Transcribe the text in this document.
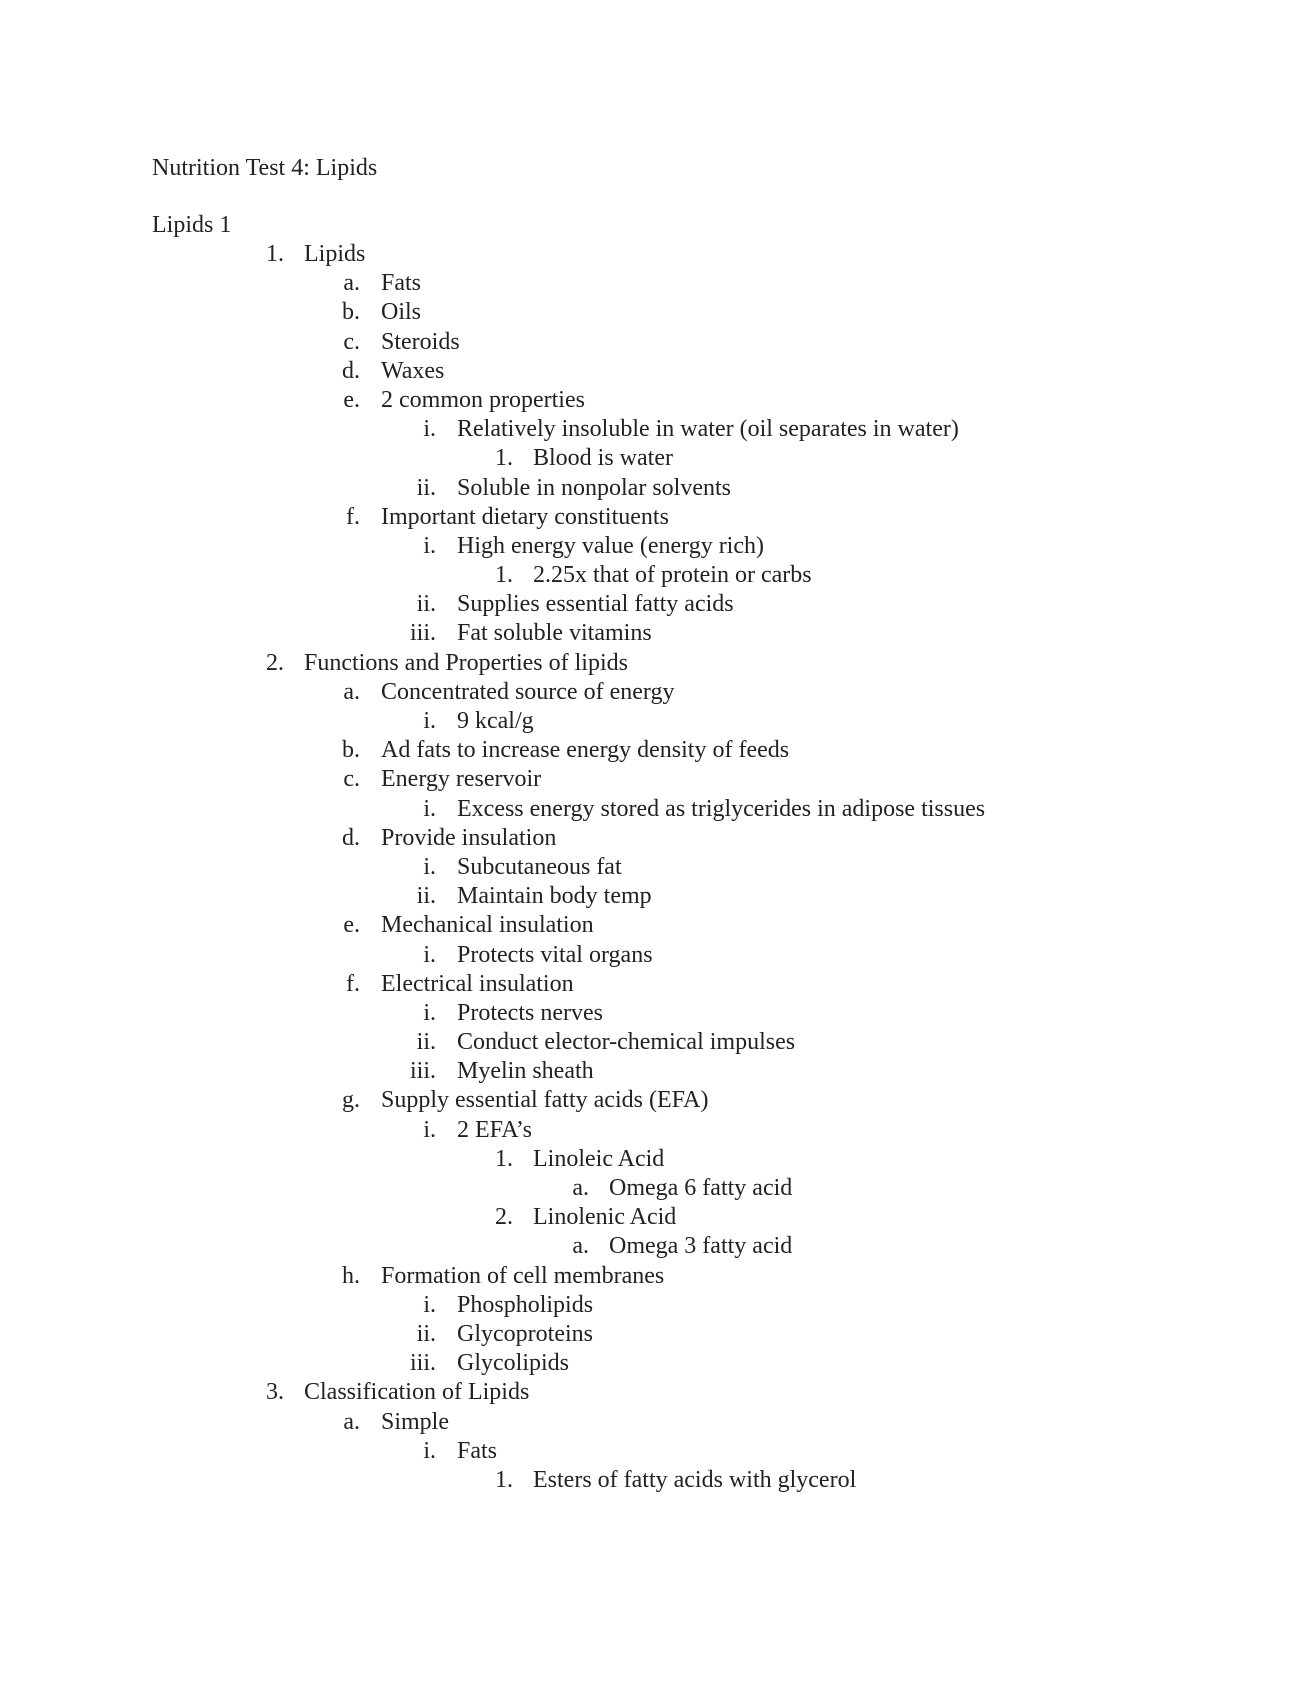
Nutrition Test 4: Lipids
Lipids 1
1. Lipids
a. Fats
b. Oils
c. Steroids
d. Waxes
e. 2 common properties
i. Relatively insoluble in water (oil separates in water)
1. Blood is water
ii. Soluble in nonpolar solvents
f. Important dietary constituents
i. High energy value (energy rich)
1. 2.25x that of protein or carbs
ii. Supplies essential fatty acids
iii. Fat soluble vitamins
2. Functions and Properties of lipids
a. Concentrated source of energy
i. 9 kcal/g
b. Ad fats to increase energy density of feeds
c. Energy reservoir
i. Excess energy stored as triglycerides in adipose tissues
d. Provide insulation
i. Subcutaneous fat
ii. Maintain body temp
e. Mechanical insulation
i. Protects vital organs
f. Electrical insulation
i. Protects nerves
ii. Conduct elector-chemical impulses
iii. Myelin sheath
g. Supply essential fatty acids (EFA)
i. 2 EFA’s
1. Linoleic Acid
a. Omega 6 fatty acid
2. Linolenic Acid
a. Omega 3 fatty acid
h. Formation of cell membranes
i. Phospholipids
ii. Glycoproteins
iii. Glycolipids
3. Classification of Lipids
a. Simple
i. Fats
1. Esters of fatty acids with glycerol
